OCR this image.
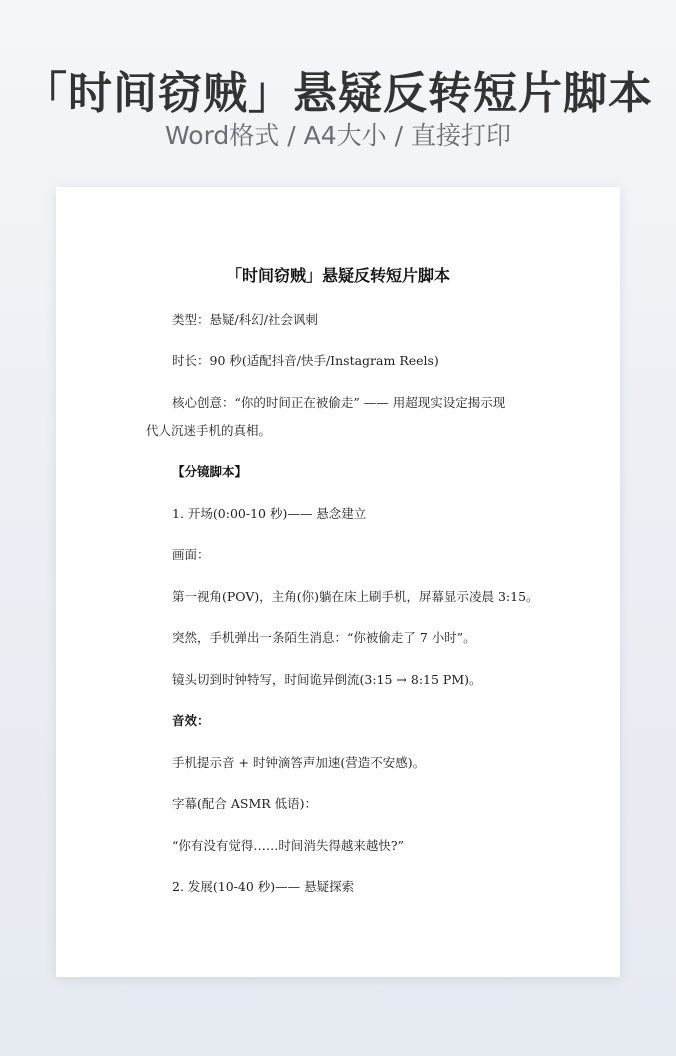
「时间窃贼」悬疑反转短片脚本
Word格式 / A4大小 / 直接打印
「时间窃贼」悬疑反转短片脚本
类型：悬疑/科幻/社会讽刺
时长：90 秒(适配抖音/快手/Instagram Reels)
核心创意：“你的时间正在被偷走” —— 用超现实设定揭示现
代人沉迷手机的真相。
【分镜脚本】
1. 开场(0:00-10 秒)—— 悬念建立
画面：
第一视角(POV)，主角(你)躺在床上刷手机，屏幕显示凌晨 3:15。
突然，手机弹出一条陌生消息：“你被偷走了 7 小时”。
镜头切到时钟特写，时间诡异倒流(3:15 → 8:15 PM)。
音效：
手机提示音 + 时钟滴答声加速(营造不安感)。
字幕(配合 ASMR 低语)：
“你有没有觉得……时间消失得越来越快?”
2. 发展(10-40 秒)—— 悬疑探索
